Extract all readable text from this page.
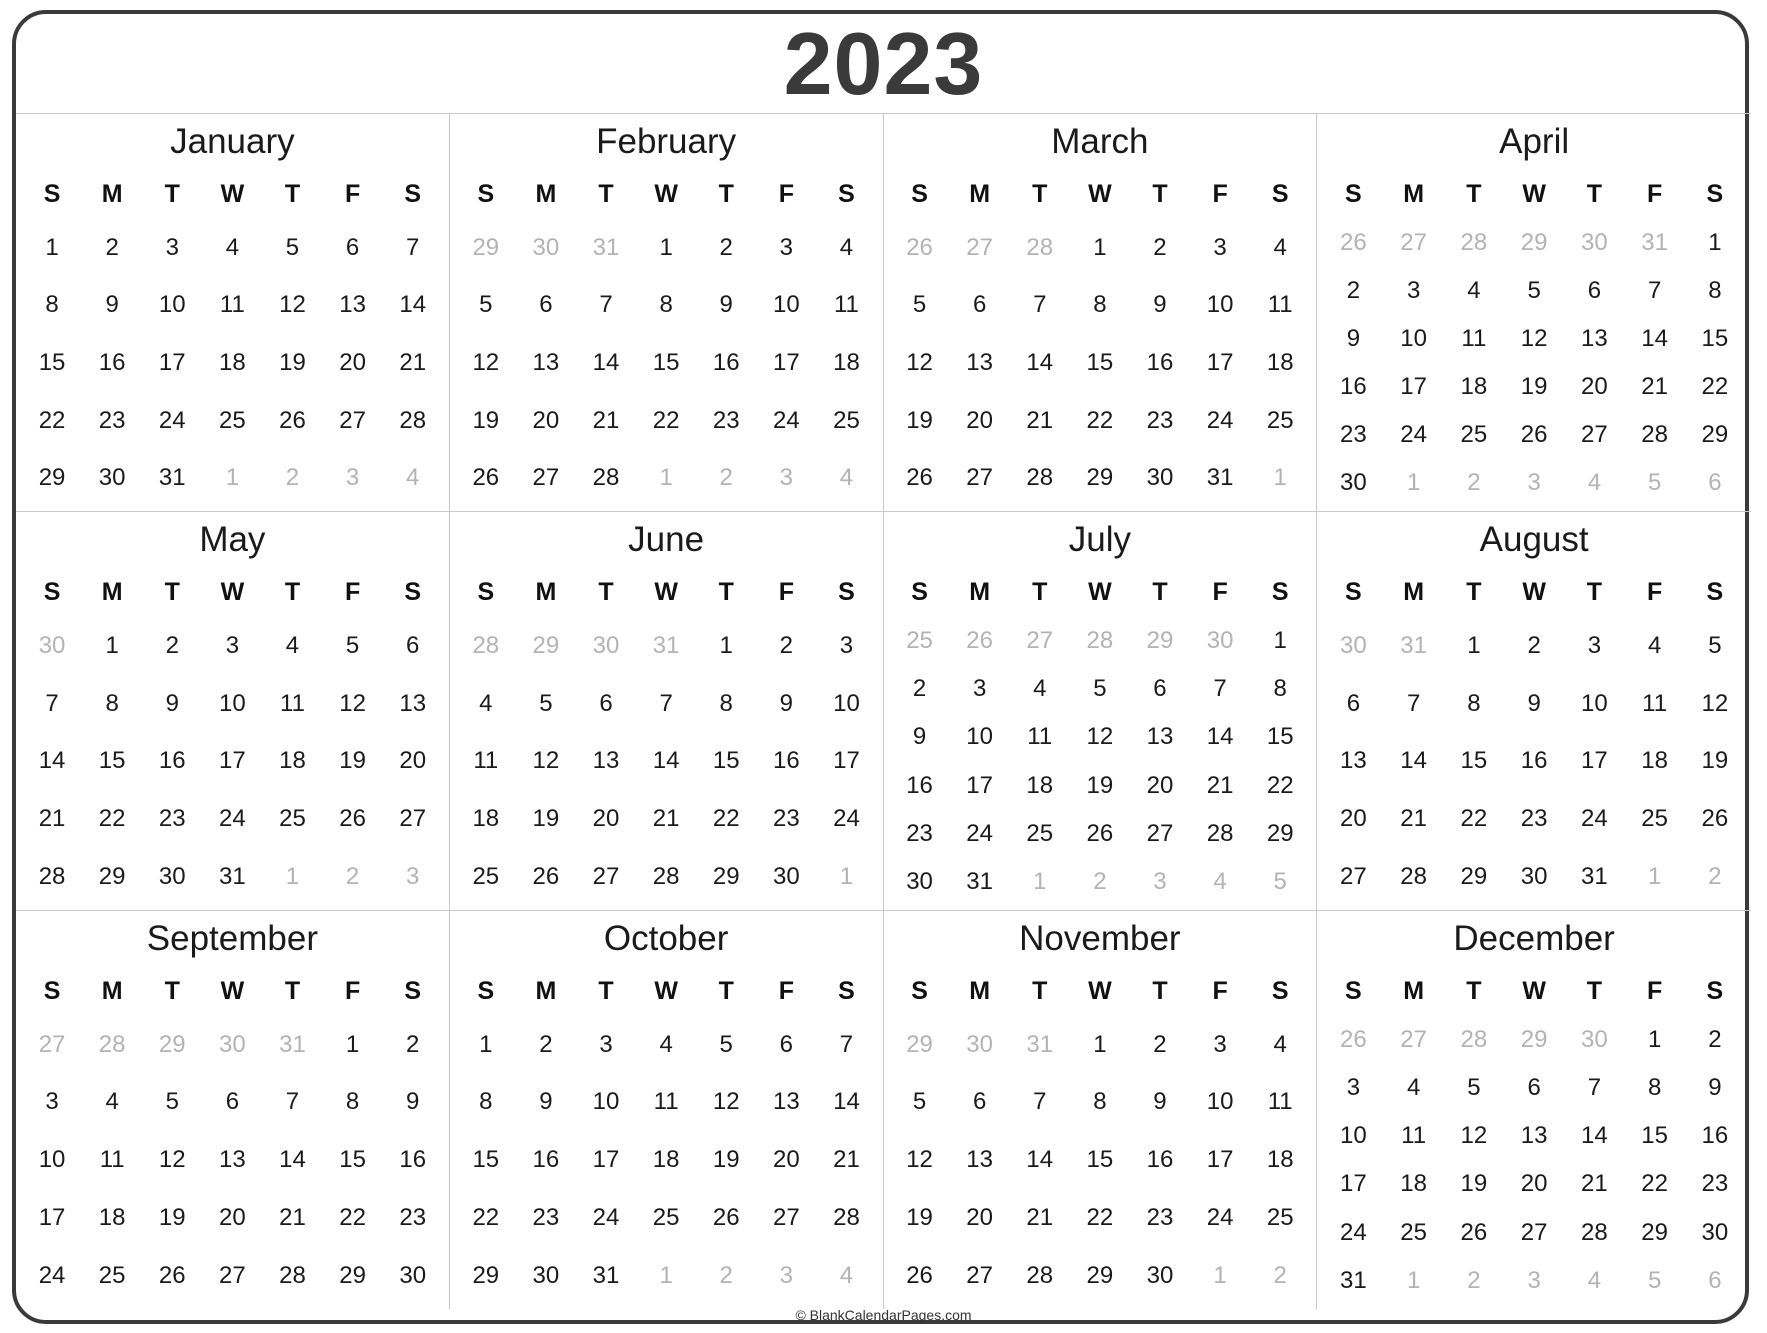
2023
January
S	M	T	W	T	F	S
1	2	3	4	5	6	7
8	9	10	11	12	13	14
15	16	17	18	19	20	21
22	23	24	25	26	27	28
29	30	31	1	2	3	4
February
S	M	T	W	T	F	S
29	30	31	1	2	3	4
5	6	7	8	9	10	11
12	13	14	15	16	17	18
19	20	21	22	23	24	25
26	27	28	1	2	3	4
March
S	M	T	W	T	F	S
26	27	28	1	2	3	4
5	6	7	8	9	10	11
12	13	14	15	16	17	18
19	20	21	22	23	24	25
26	27	28	29	30	31	1
April
S	M	T	W	T	F	S
26	27	28	29	30	31	1
2	3	4	5	6	7	8
9	10	11	12	13	14	15
16	17	18	19	20	21	22
23	24	25	26	27	28	29
30	1	2	3	4	5	6
May
S	M	T	W	T	F	S
30	1	2	3	4	5	6
7	8	9	10	11	12	13
14	15	16	17	18	19	20
21	22	23	24	25	26	27
28	29	30	31	1	2	3
June
S	M	T	W	T	F	S
28	29	30	31	1	2	3
4	5	6	7	8	9	10
11	12	13	14	15	16	17
18	19	20	21	22	23	24
25	26	27	28	29	30	1
July
S	M	T	W	T	F	S
25	26	27	28	29	30	1
2	3	4	5	6	7	8
9	10	11	12	13	14	15
16	17	18	19	20	21	22
23	24	25	26	27	28	29
30	31	1	2	3	4	5
August
S	M	T	W	T	F	S
30	31	1	2	3	4	5
6	7	8	9	10	11	12
13	14	15	16	17	18	19
20	21	22	23	24	25	26
27	28	29	30	31	1	2
September
S	M	T	W	T	F	S
27	28	29	30	31	1	2
3	4	5	6	7	8	9
10	11	12	13	14	15	16
17	18	19	20	21	22	23
24	25	26	27	28	29	30
October
S	M	T	W	T	F	S
1	2	3	4	5	6	7
8	9	10	11	12	13	14
15	16	17	18	19	20	21
22	23	24	25	26	27	28
29	30	31	1	2	3	4
November
S	M	T	W	T	F	S
29	30	31	1	2	3	4
5	6	7	8	9	10	11
12	13	14	15	16	17	18
19	20	21	22	23	24	25
26	27	28	29	30	1	2
December
S	M	T	W	T	F	S
26	27	28	29	30	1	2
3	4	5	6	7	8	9
10	11	12	13	14	15	16
17	18	19	20	21	22	23
24	25	26	27	28	29	30
31	1	2	3	4	5	6
© BlankCalendarPages.com
